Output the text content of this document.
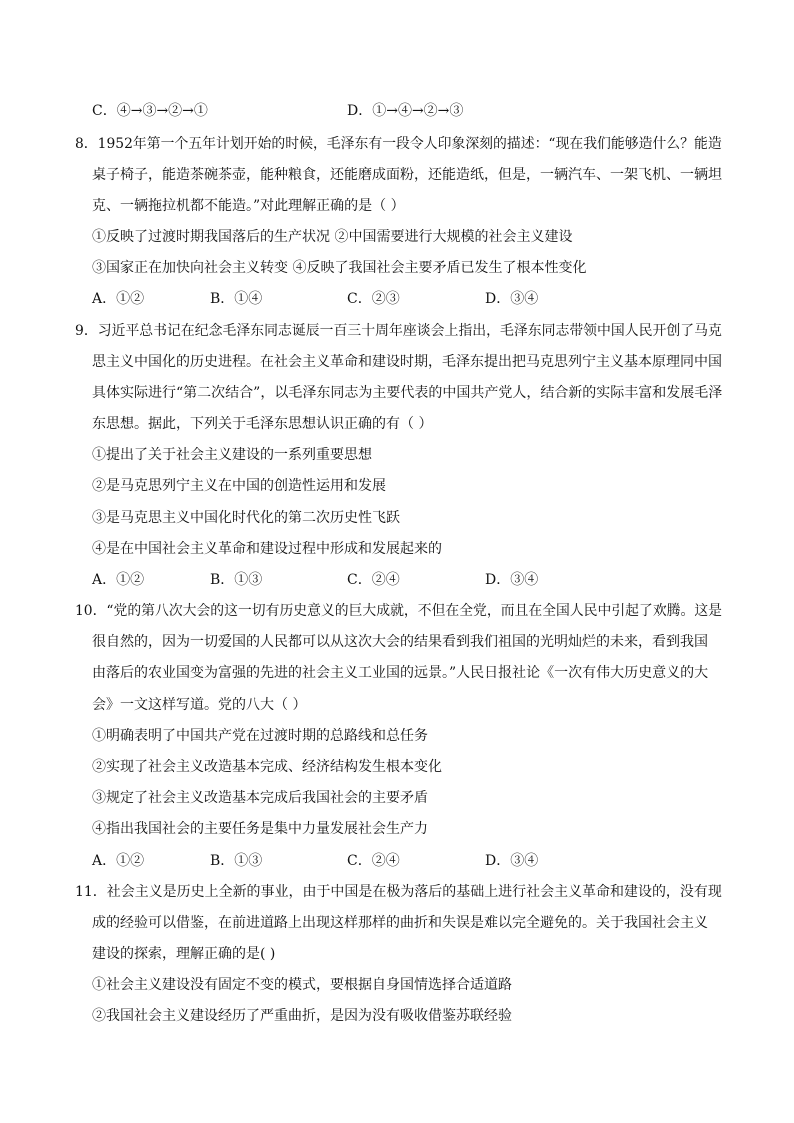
C．④→③→②→①	D．①→④→②→③
8．1952年第一个五年计划开始的时候，毛泽东有一段令人印象深刻的描述：“现在我们能够造什么？能造
桌子椅子，能造茶碗茶壶，能种粮食，还能磨成面粉，还能造纸，但是，一辆汽车、一架飞机、一辆坦
克、一辆拖拉机都不能造。”对此理解正确的是（ ）
①反映了过渡时期我国落后的生产状况 ②中国需要进行大规模的社会主义建设
③国家正在加快向社会主义转变 ④反映了我国社会主要矛盾已发生了根本性变化
A．①②	B．①④	C．②③	D．③④
9．习近平总书记在纪念毛泽东同志诞辰一百三十周年座谈会上指出，毛泽东同志带领中国人民开创了马克
思主义中国化的历史进程。在社会主义革命和建设时期，毛泽东提出把马克思列宁主义基本原理同中国
具体实际进行“第二次结合”，以毛泽东同志为主要代表的中国共产党人，结合新的实际丰富和发展毛泽
东思想。据此，下列关于毛泽东思想认识正确的有（ ）
①提出了关于社会主义建设的一系列重要思想
②是马克思列宁主义在中国的创造性运用和发展
③是马克思主义中国化时代化的第二次历史性飞跃
④是在中国社会主义革命和建设过程中形成和发展起来的
A．①②	B．①③	C．②④	D．③④
10．“党的第八次大会的这一切有历史意义的巨大成就，不但在全党，而且在全国人民中引起了欢腾。这是
很自然的，因为一切爱国的人民都可以从这次大会的结果看到我们祖国的光明灿烂的未来，看到我国
由落后的农业国变为富强的先进的社会主义工业国的远景。”人民日报社论《一次有伟大历史意义的大
会》一文这样写道。党的八大（ ）
①明确表明了中国共产党在过渡时期的总路线和总任务
②实现了社会主义改造基本完成、经济结构发生根本变化
③规定了社会主义改造基本完成后我国社会的主要矛盾
④指出我国社会的主要任务是集中力量发展社会生产力
A．①②	B．①③	C．②④	D．③④
11．社会主义是历史上全新的事业，由于中国是在极为落后的基础上进行社会主义革命和建设的，没有现
成的经验可以借鉴，在前进道路上出现这样那样的曲折和失误是难以完全避免的。关于我国社会主义
建设的探索，理解正确的是( )
①社会主义建设没有固定不变的模式，要根据自身国情选择合适道路
②我国社会主义建设经历了严重曲折，是因为没有吸收借鉴苏联经验
